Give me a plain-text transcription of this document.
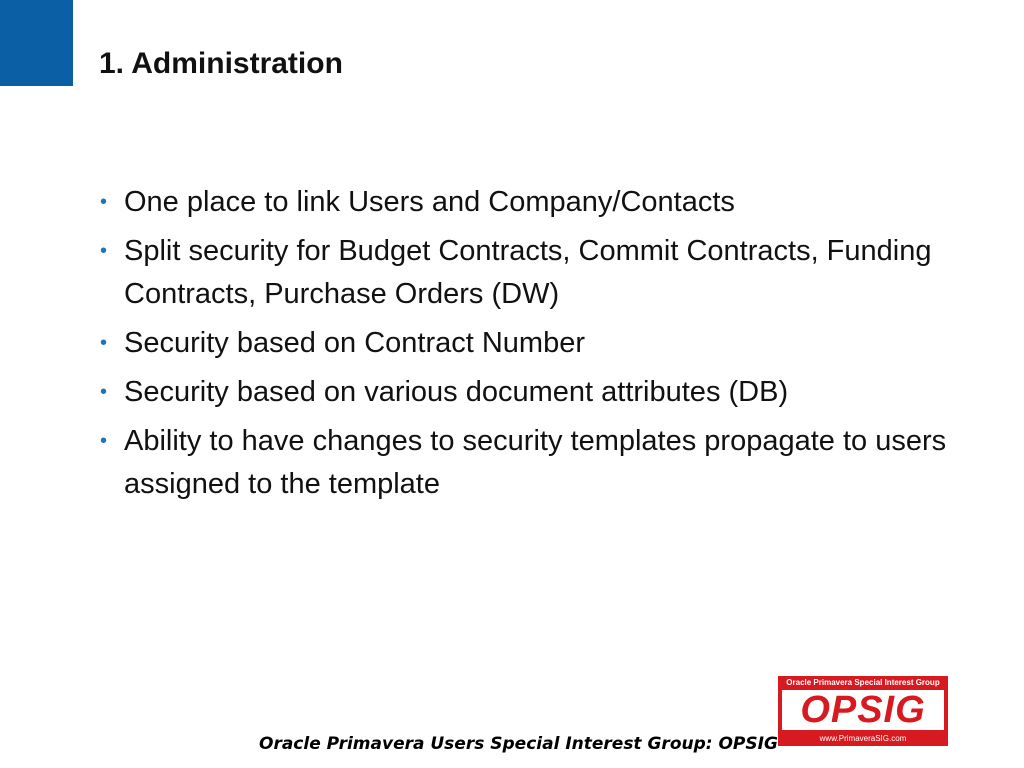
1. Administration
• One place to link Users and Company/Contacts
• Split security for Budget Contracts, Commit Contracts, Funding Contracts, Purchase Orders (DW)
• Security based on Contract Number
• Security based on various document attributes (DB)
• Ability to have changes to security templates propagate to users assigned to the template
Oracle Primavera Users Special Interest Group: OPSIG
Oracle Primavera Special Interest Group
OPSIG
www.PrimaveraSIG.com
